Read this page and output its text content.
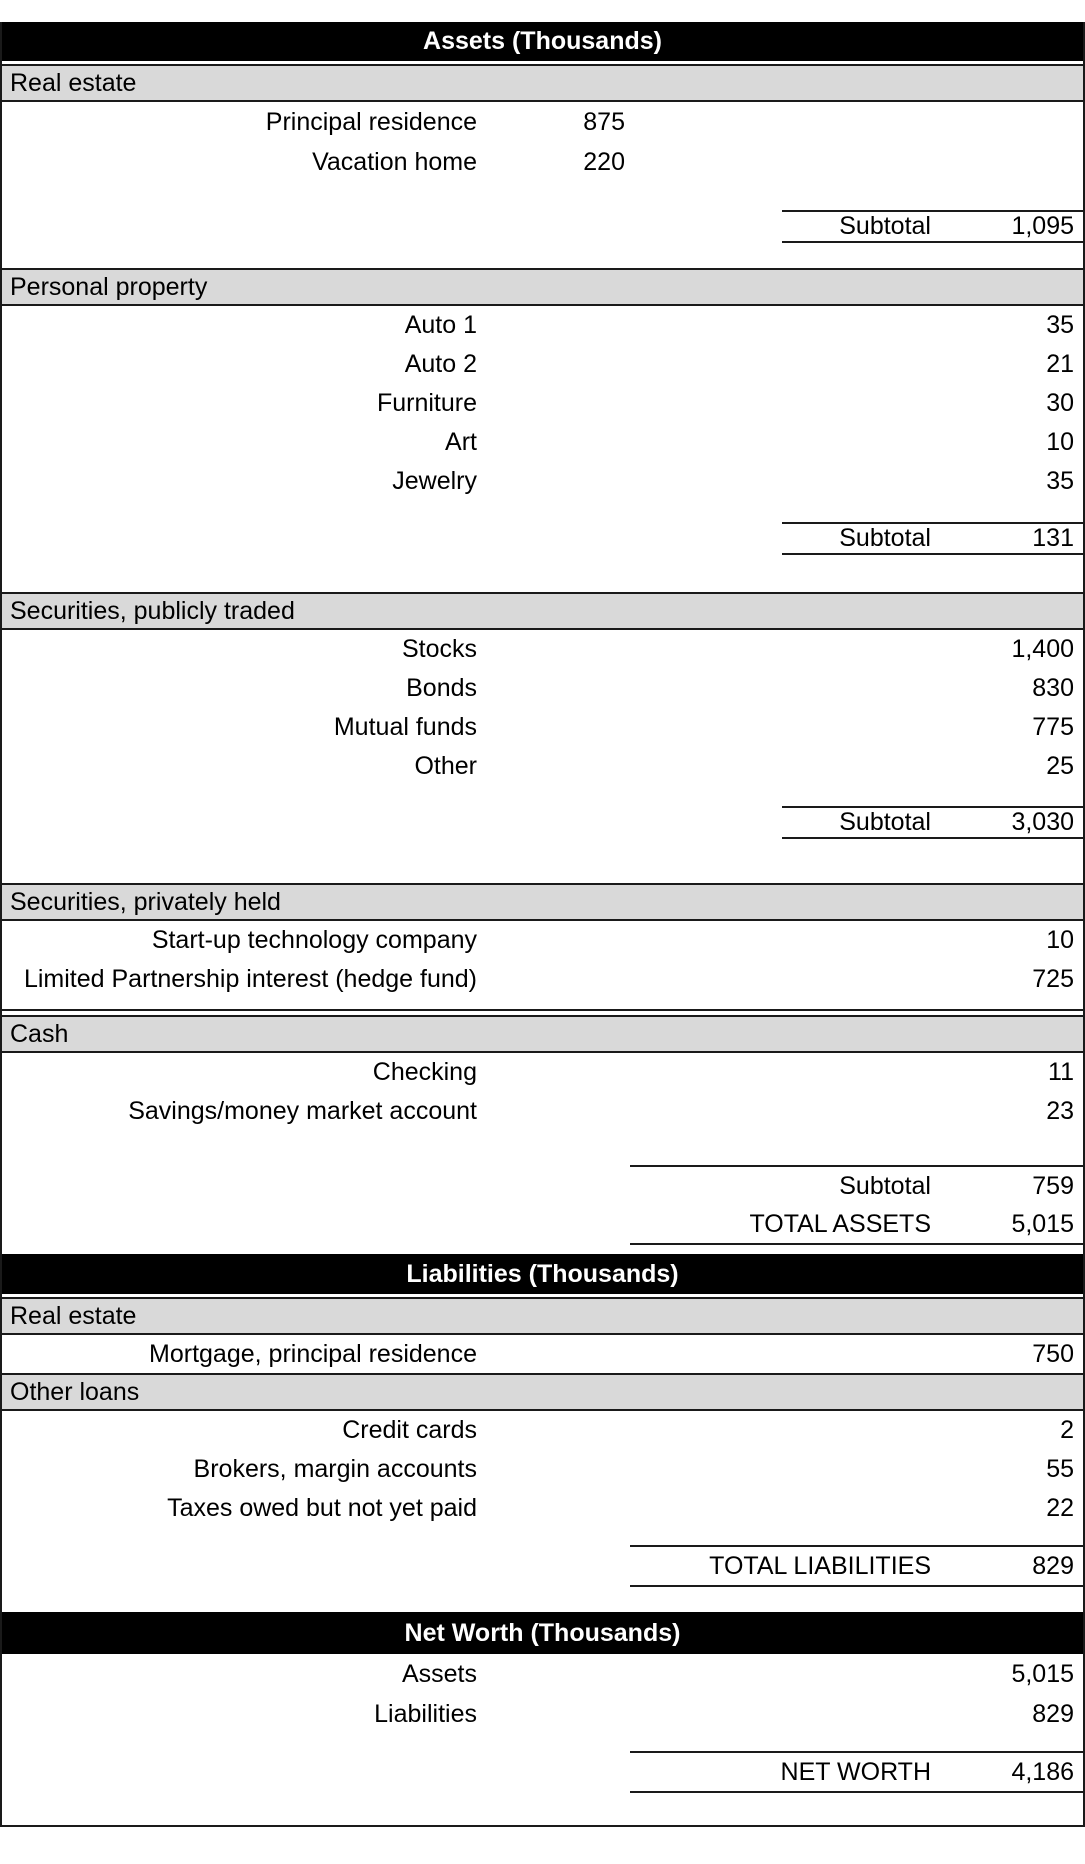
Assets (Thousands)
Real estate
Principal residence	875
Vacation home	220
Subtotal	1,095
Personal property
Auto 1	35
Auto 2	21
Furniture	30
Art	10
Jewelry	35
Subtotal	131
Securities, publicly traded
Stocks	1,400
Bonds	830
Mutual funds	775
Other	25
Subtotal	3,030
Securities, privately held
Start-up technology company	10
Limited Partnership interest (hedge fund)	725
Cash
Checking	11
Savings/money market account	23
Subtotal	759
TOTAL ASSETS	5,015
Liabilities (Thousands)
Real estate
Mortgage, principal residence	750
Other loans
Credit cards	2
Brokers, margin accounts	55
Taxes owed but not yet paid	22
TOTAL LIABILITIES	829
Net Worth (Thousands)
Assets	5,015
Liabilities	829
NET WORTH	4,186
